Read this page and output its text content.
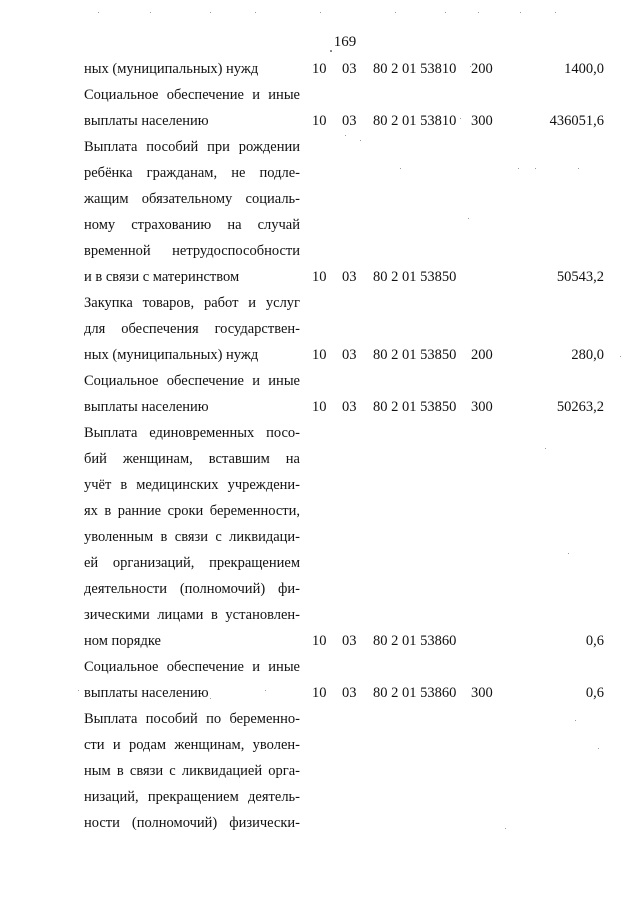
169
ных (муниципальных) нужд	10 03 80 2 01 53810 200	1400,0
Социальное обеспечение и иные
выплаты населению	10 03 80 2 01 53810 300	436051,6
Выплата пособий при рождении
ребёнка гражданам, не подле-
жащим обязательному социаль-
ному страхованию на случай
временной нетрудоспособности
и в связи с материнством	10 03 80 2 01 53850	50543,2
Закупка товаров, работ и услуг
для обеспечения государствен-
ных (муниципальных) нужд	10 03 80 2 01 53850 200	280,0
Социальное обеспечение и иные
выплаты населению	10 03 80 2 01 53850 300	50263,2
Выплата единовременных посо-
бий женщинам, вставшим на
учёт в медицинских учреждени-
ях в ранние сроки беременности,
уволенным в связи с ликвидаци-
ей организаций, прекращением
деятельности (полномочий) фи-
зическими лицами в установлен-
ном порядке	10 03 80 2 01 53860	0,6
Социальное обеспечение и иные
выплаты населению	10 03 80 2 01 53860 300	0,6
Выплата пособий по беременно-
сти и родам женщинам, уволен-
ным в связи с ликвидацией орга-
низаций, прекращением деятель-
ности (полномочий) физически-
